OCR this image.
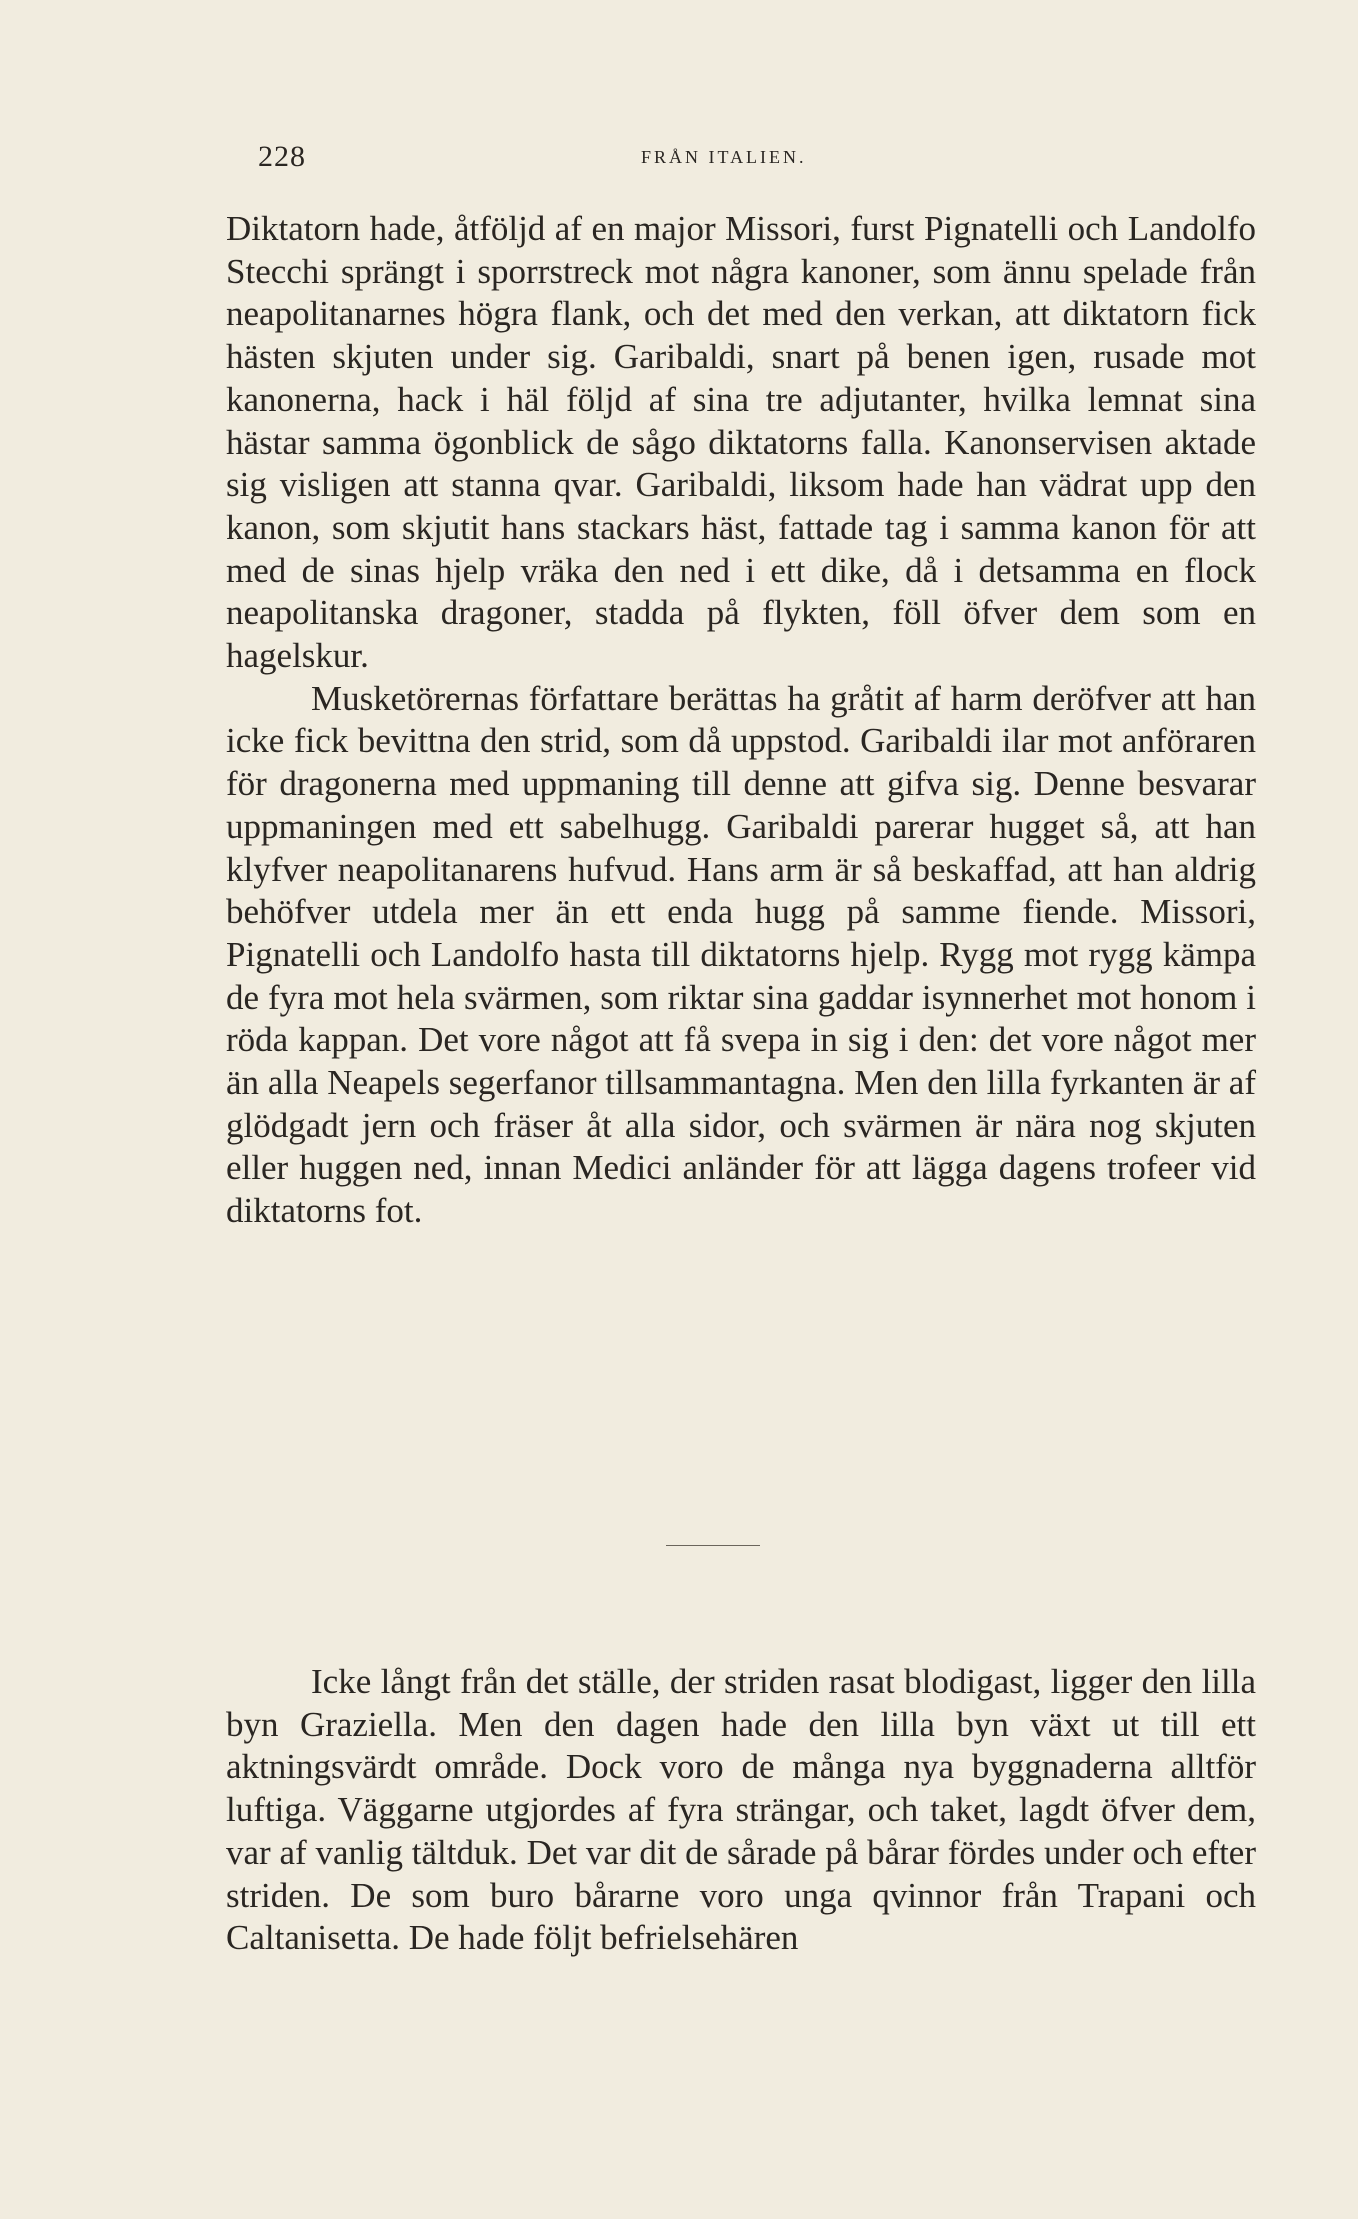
228	FRÅN ITALIEN.

Diktatorn hade, åtföljd af en major Missori, furst Pignatelli och Landolfo Stecchi sprängt i sporrstreck mot några kanoner, som ännu spelade från neapolitanarnes högra flank, och det med den verkan, att diktatorn fick hästen skjuten under sig. Garibaldi, snart på benen igen, rusade mot kanonerna, hack i häl följd af sina tre adjutanter, hvilka lemnat sina hästar samma ögonblick de sågo diktatorns falla. Kanonservisen aktade sig visligen att stanna qvar. Garibaldi, liksom hade han vädrat upp den kanon, som skjutit hans stackars häst, fattade tag i samma kanon för att med de sinas hjelp vräka den ned i ett dike, då i detsamma en flock neapolitanska dragoner, stadda på flykten, föll öfver dem som en hagelskur.

Musketörernas författare berättas ha gråtit af harm deröfver att han icke fick bevittna den strid, som då uppstod. Garibaldi ilar mot anföraren för dragonerna med uppmaning till denne att gifva sig. Denne besvarar uppmaningen med ett sabelhugg. Garibaldi parerar hugget så, att han klyfver neapolitanarens hufvud. Hans arm är så beskaffad, att han aldrig behöfver utdela mer än ett enda hugg på samme fiende. Missori, Pignatelli och Landolfo hasta till diktatorns hjelp. Rygg mot rygg kämpa de fyra mot hela svärmen, som riktar sina gaddar isynnerhet mot honom i röda kappan. Det vore något att få svepa in sig i den: det vore något mer än alla Neapels segerfanor tillsammantagna. Men den lilla fyrkanten är af glödgadt jern och fräser åt alla sidor, och svärmen är nära nog skjuten eller huggen ned, innan Medici anländer för att lägga dagens trofeer vid diktatorns fot.

Icke långt från det ställe, der striden rasat blodigast, ligger den lilla byn Graziella. Men den dagen hade den lilla byn växt ut till ett aktningsvärdt område. Dock voro de många nya byggnaderna alltför luftiga. Väggarne utgjordes af fyra strängar, och taket, lagdt öfver dem, var af vanlig tältduk. Det var dit de sårade på bårar fördes under och efter striden. De som buro bårarne voro unga qvinnor från Trapani och Caltanisetta. De hade följt befrielsehären
